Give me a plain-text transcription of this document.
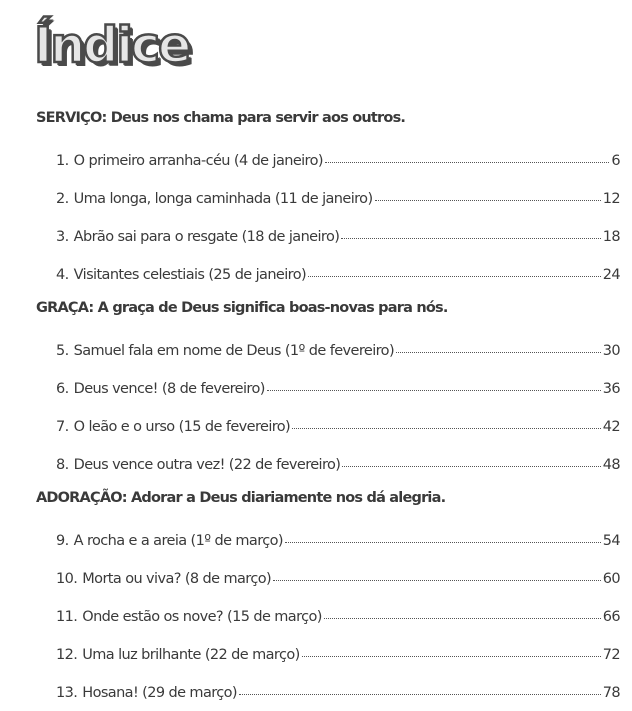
Índice
SERVIÇO: Deus nos chama para servir aos outros.
1. O primeiro arranha-céu (4 de janeiro)	6
2. Uma longa, longa caminhada (11 de janeiro)	12
3. Abrão sai para o resgate (18 de janeiro)	18
4. Visitantes celestiais (25 de janeiro)	24
GRAÇA: A graça de Deus significa boas-novas para nós.
5. Samuel fala em nome de Deus (1º de fevereiro)	30
6. Deus vence! (8 de fevereiro)	36
7. O leão e o urso (15 de fevereiro)	42
8. Deus vence outra vez! (22 de fevereiro)	48
ADORAÇÃO: Adorar a Deus diariamente nos dá alegria.
9. A rocha e a areia (1º de março)	54
10. Morta ou viva? (8 de março)	60
11. Onde estão os nove? (15 de março)	66
12. Uma luz brilhante (22 de março)	72
13. Hosana! (29 de março)	78
